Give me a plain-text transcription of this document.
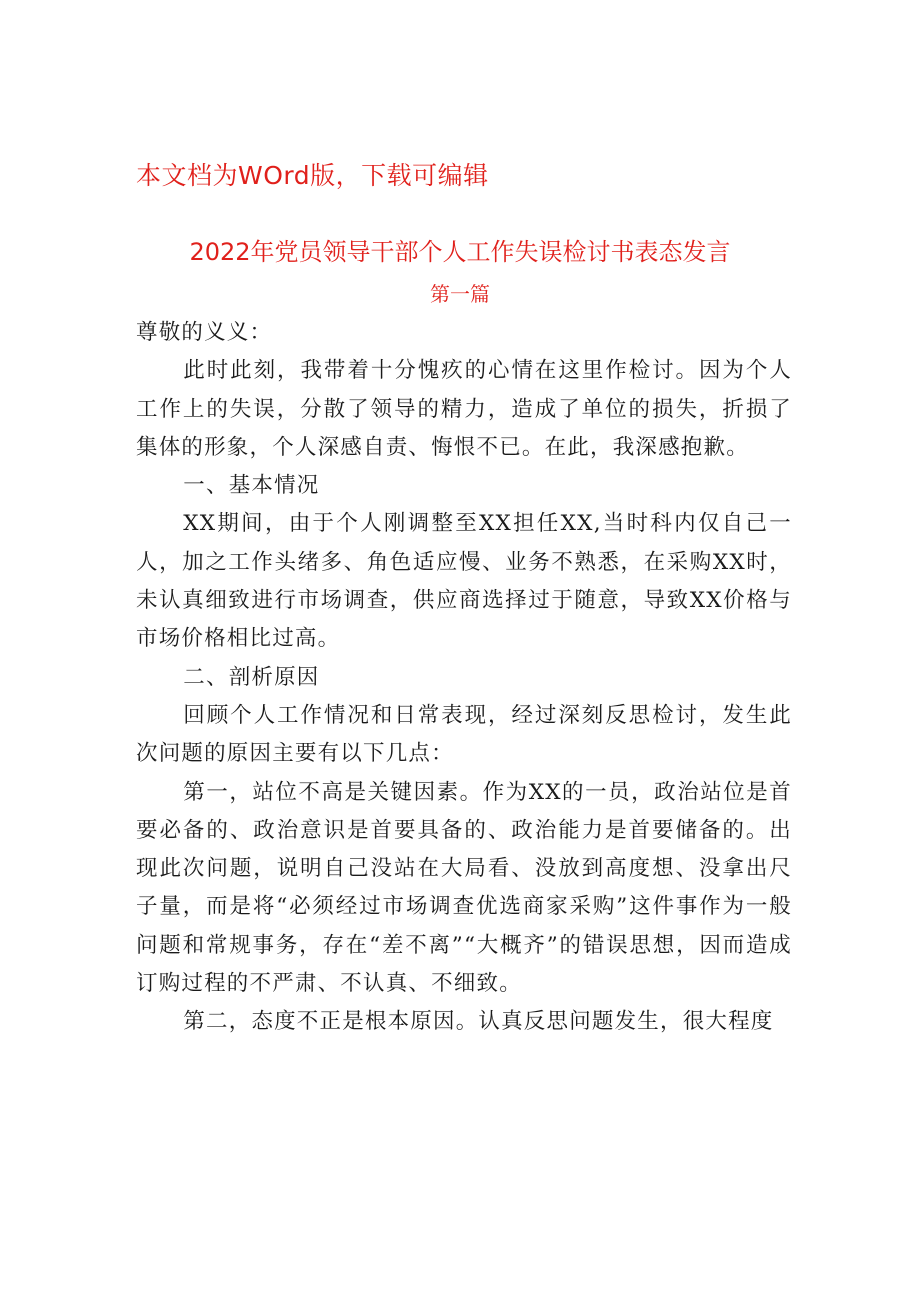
本文档为WOrd版，下载可编辑
2022年党员领导干部个人工作失误检讨书表态发言
第一篇

尊敬的义义：

此时此刻，我带着十分愧疚的心情在这里作检讨。因为个人工作上的失误，分散了领导的精力，造成了单位的损失，折损了集体的形象，个人深感自责、悔恨不已。在此，我深感抱歉。

一、基本情况

XX期间，由于个人刚调整至XX担任XX,当时科内仅自己一人，加之工作头绪多、角色适应慢、业务不熟悉，在采购XX时，未认真细致进行市场调查，供应商选择过于随意，导致XX价格与市场价格相比过高。

二、剖析原因

回顾个人工作情况和日常表现，经过深刻反思检讨，发生此次问题的原因主要有以下几点：

第一，站位不高是关键因素。作为XX的一员，政治站位是首要必备的、政治意识是首要具备的、政治能力是首要储备的。出现此次问题，说明自己没站在大局看、没放到高度想、没拿出尺子量，而是将“必须经过市场调查优选商家采购”这件事作为一般问题和常规事务，存在“差不离”“大概齐”的错误思想，因而造成订购过程的不严肃、不认真、不细致。

第二，态度不正是根本原因。认真反思问题发生，很大程度
